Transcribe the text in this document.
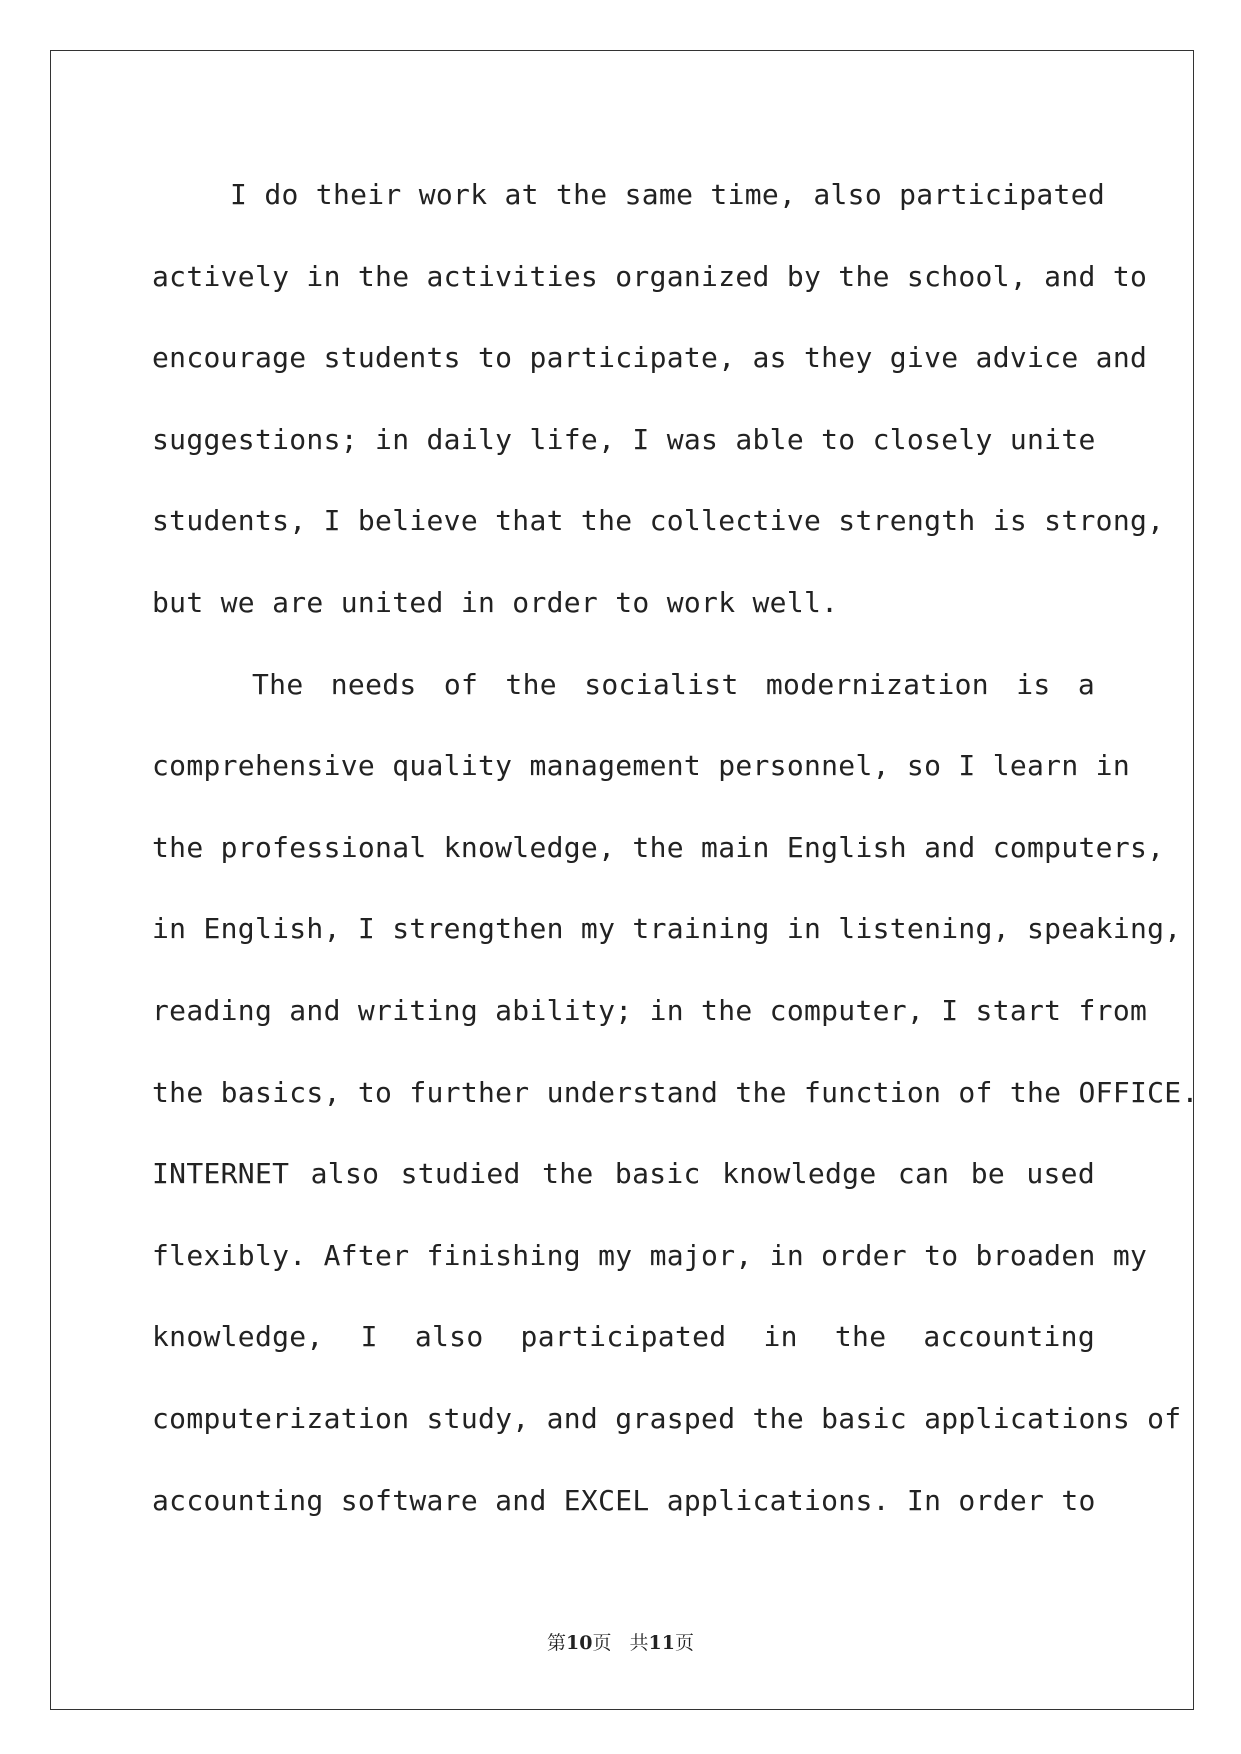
I do their work at the same time, also participated
actively in the activities organized by the school, and to
encourage students to participate, as they give advice and
suggestions; in daily life, I was able to closely unite
students, I believe that the collective strength is strong,
but we are united in order to work well.
The needs of the socialist modernization is a
comprehensive quality management personnel, so I learn in
the professional knowledge, the main English and computers,
in English, I strengthen my training in listening, speaking,
reading and writing ability; in the computer, I start from
the basics, to further understand the function of the OFFICE.
INTERNET also studied the basic knowledge can be used
flexibly. After finishing my major, in order to broaden my
knowledge, I also participated in the accounting
computerization study, and grasped the basic applications of
accounting software and EXCEL applications. In order to
第10页 共11页
